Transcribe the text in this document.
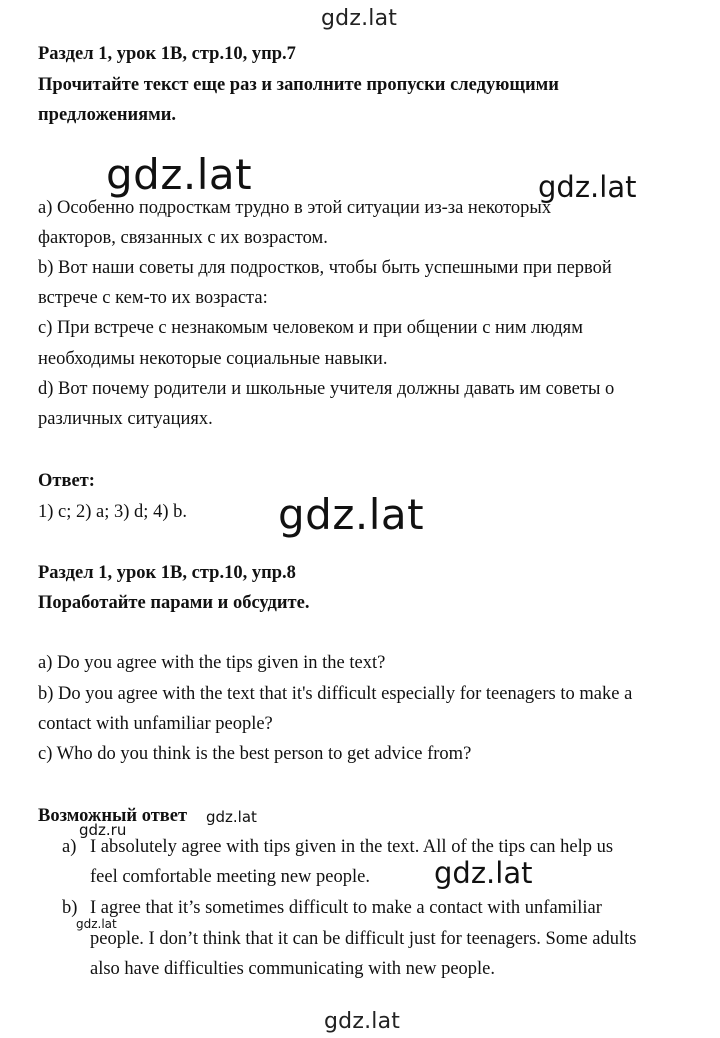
gdz.lat
gdz.lat	gdz.lat
gdz.lat
gdz.lat
gdz.ru
gdz.lat
gdz.lat
gdz.lat
Раздел 1, урок 1B, стр.10, упр.7
Прочитайте текст еще раз и заполните пропуски следующими
предложениями.
a) Особенно подросткам трудно в этой ситуации из-за некоторых
факторов, связанных с их возрастом.
b) Вот наши советы для подростков, чтобы быть успешными при первой
встрече с кем-то их возраста:
c) При встрече с незнакомым человеком и при общении с ним людям
необходимы некоторые социальные навыки.
d) Вот почему родители и школьные учителя должны давать им советы о
различных ситуациях.
Ответ:
1) c; 2) a; 3) d; 4) b.
Раздел 1, урок 1B, стр.10, упр.8
Поработайте парами и обсудите.
a) Do you agree with the tips given in the text?
b) Do you agree with the text that it's difficult especially for teenagers to make a
contact with unfamiliar people?
c) Who do you think is the best person to get advice from?
Возможный ответ
a) I absolutely agree with tips given in the text. All of the tips can help us
feel comfortable meeting new people.
b) I agree that it’s sometimes difficult to make a contact with unfamiliar
people. I don’t think that it can be difficult just for teenagers. Some adults
also have difficulties communicating with new people.
